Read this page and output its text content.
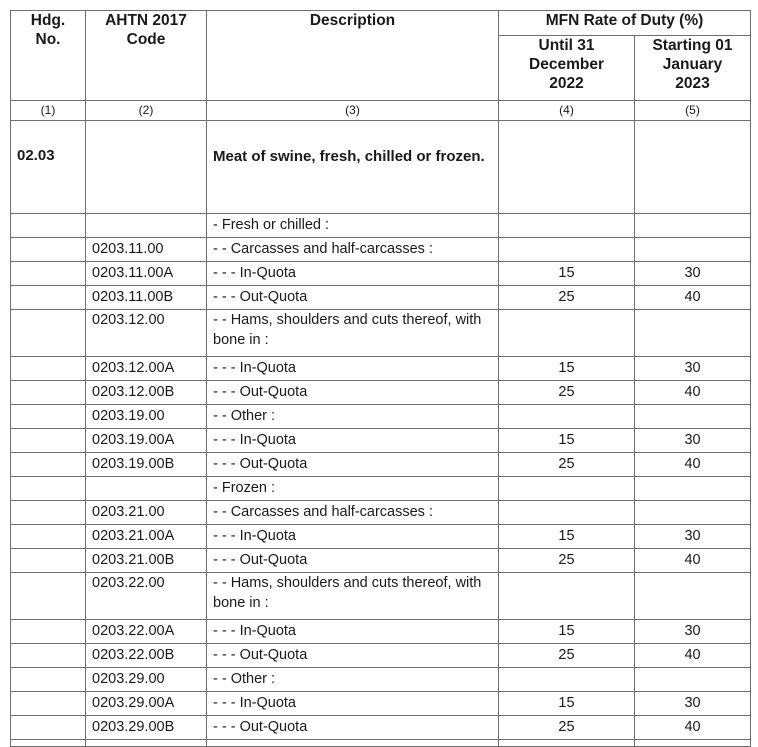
Hdg. No.	AHTN 2017 Code	Description	MFN Rate of Duty (%)	

			Until 31 December 2022	Starting 01 January 2023

(1)	(2)	(3)	(4)	(5)
02.03		Meat of swine, fresh, chilled or frozen.		
		- Fresh or chilled :		
	0203.11.00	- - Carcasses and half-carcasses :		
	0203.11.00A	- - - In-Quota	15	30
	0203.11.00B	- - - Out-Quota	25	40
	0203.12.00	- - Hams, shoulders and cuts thereof, with bone in :		
	0203.12.00A	- - - In-Quota	15	30
	0203.12.00B	- - - Out-Quota	25	40
	0203.19.00	- - Other :		
	0203.19.00A	- - - In-Quota	15	30
	0203.19.00B	- - - Out-Quota	25	40
		- Frozen :		
	0203.21.00	- - Carcasses and half-carcasses :		
	0203.21.00A	- - - In-Quota	15	30
	0203.21.00B	- - - Out-Quota	25	40
	0203.22.00	- - Hams, shoulders and cuts thereof, with bone in :		
	0203.22.00A	- - - In-Quota	15	30
	0203.22.00B	- - - Out-Quota	25	40
	0203.29.00	- - Other :		
	0203.29.00A	- - - In-Quota	15	30
	0203.29.00B	- - - Out-Quota	25	40
